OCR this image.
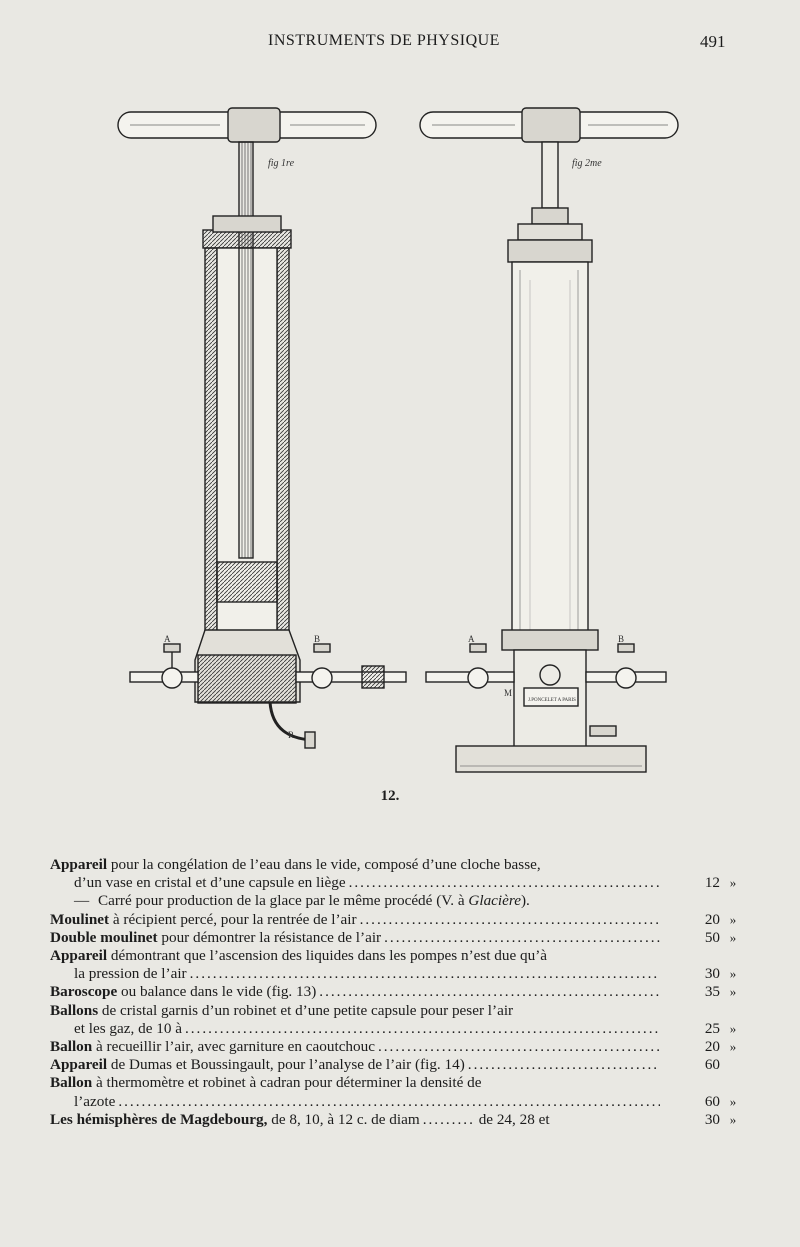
INSTRUMENTS DE PHYSIQUE	491
fig 1re
A	B
R
fig 2me
A	B
M
J.PONCELET A PARIS
12.
Appareil pour la congélation de l’eau dans le vide, composé d’une cloche basse,
d’un vase en cristal et d’une capsule en liège .....	12 »
— Carré pour production de la glace par le même procédé (V. à Glacière ).
Moulinet à récipient percé, pour la rentrée de l’air .....	20 »
Double moulinet pour démontrer la résistance de l’air .....	50 »
Appareil démontrant que l’ascension des liquides dans les pompes n’est due qu’à
la pression de l’air .....	30 »
Baroscope ou balance dans le vide (fig. 13) .....	35 »
Ballons de cristal garnis d’un robinet et d’une petite capsule pour peser l’air
et les gaz, de 10 à .....	25 »
Ballon à recueillir l’air, avec garniture en caoutchouc .....	20 »
Appareil de Dumas et Boussingault, pour l’analyse de l’air (fig. 14) .....	60
Ballon à thermomètre et robinet à cadran pour déterminer la densité de
l’azote .....	60 »
Les hémisphères de Magdebourg, de 8, 10, à 12 c. de diam .....	de 24, 28 et	30 »
